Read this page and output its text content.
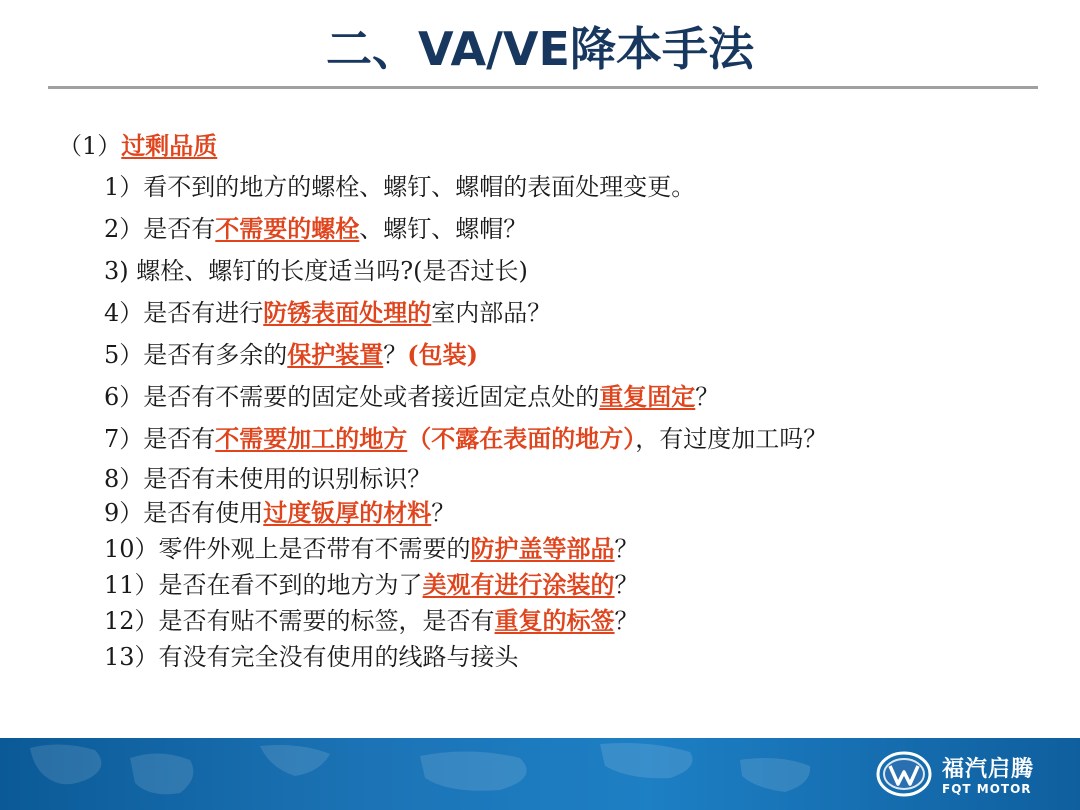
二、VA/VE降本手法
（1）过剩品质
1）看不到的地方的螺栓、螺钉、螺帽的表面处理变更。
2）是否有不需要的螺栓、螺钉、螺帽？
3) 螺栓、螺钉的长度适当吗?(是否过长)
4）是否有进行防锈表面处理的室内部品？
5）是否有多余的保护装置？(包装)
6）是否有不需要的固定处或者接近固定点处的重复固定？
7）是否有不需要加工的地方（不露在表面的地方），有过度加工吗？
8）是否有未使用的识别标识？
9）是否有使用过度钣厚的材料？
10）零件外观上是否带有不需要的防护盖等部品？
11）是否在看不到的地方为了美观有进行涂装的？
12）是否有贴不需要的标签，是否有重复的标签？
13）有没有完全没有使用的线路与接头
福汽启腾
FQT MOTOR
